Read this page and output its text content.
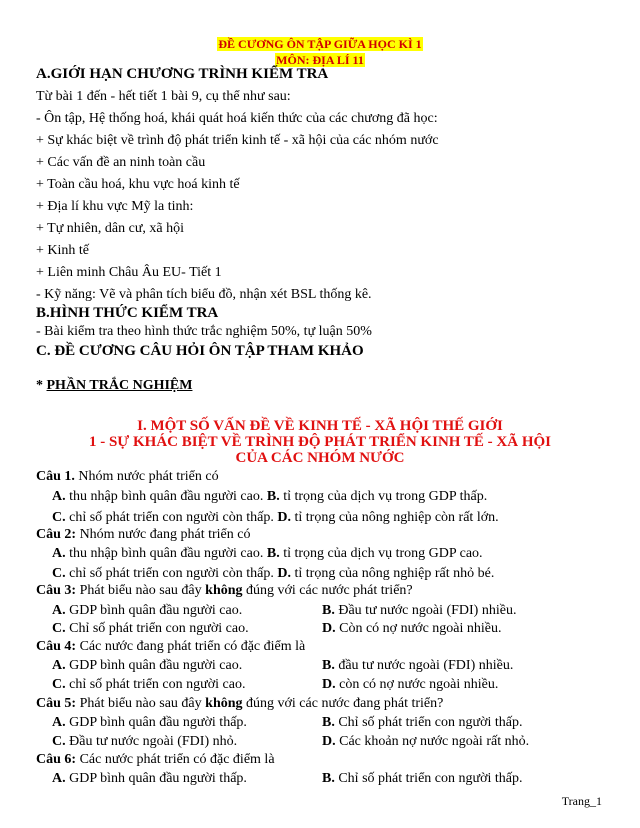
ĐỀ CƯƠNG ÔN TẬP GIỮA HỌC KÌ 1
MÔN: ĐỊA LÍ 11
A.GIỚI HẠN CHƯƠNG TRÌNH KIỂM TRA
Từ bài 1 đến - hết tiết 1 bài 9, cụ thể như sau:
- Ôn tập, Hệ thống hoá, khái quát hoá kiến thức của các chương đã học:
+ Sự khác biệt về trình độ phát triển kinh tế - xã hội của các nhóm nước
+ Các vấn đề an ninh toàn cầu
+ Toàn cầu hoá, khu vực hoá kinh tế
+ Địa lí khu vực Mỹ la tinh:
+ Tự nhiên, dân cư, xã hội
+ Kinh tế
+ Liên minh Châu Âu EU- Tiết 1
- Kỹ năng: Vẽ và phân tích biểu đồ, nhận xét BSL thống kê.
B.HÌNH THỨC KIỂM TRA
- Bài kiểm tra theo hình thức trắc nghiệm 50%, tự luận 50%
C. ĐỀ CƯƠNG CÂU HỎI ÔN TẬP THAM KHẢO
* PHẦN TRẮC NGHIỆM
I. MỘT SỐ VẤN ĐỀ VỀ KINH TẾ - XÃ HỘI THẾ GIỚI
1 - SỰ KHÁC BIỆT VỀ TRÌNH ĐỘ PHÁT TRIỂN KINH TẾ - XÃ HỘI
CỦA CÁC NHÓM NƯỚC
Câu 1. Nhóm nước phát triển có
A. thu nhập bình quân đầu người cao. B. tỉ trọng của dịch vụ trong GDP thấp.
C. chỉ số phát triển con người còn thấp. D. tỉ trọng của nông nghiệp còn rất lớn.
Câu 2: Nhóm nước đang phát triển có
A. thu nhập bình quân đầu người cao. B. tỉ trọng của dịch vụ trong GDP cao.
C. chỉ số phát triển con người còn thấp. D. tỉ trọng của nông nghiệp rất nhỏ bé.
Câu 3: Phát biểu nào sau đây không đúng với các nước phát triển?
A. GDP bình quân đầu người cao.	B. Đầu tư nước ngoài (FDI) nhiều.
C. Chỉ số phát triển con người cao.	D. Còn có nợ nước ngoài nhiều.
Câu 4: Các nước đang phát triển có đặc điểm là
A. GDP bình quân đầu người cao.	B. đầu tư nước ngoài (FDI) nhiều.
C. chỉ số phát triển con người cao.	D. còn có nợ nước ngoài nhiều.
Câu 5: Phát biểu nào sau đây không đúng với các nước đang phát triển?
A. GDP bình quân đầu người thấp.	B. Chỉ số phát triển con người thấp.
C. Đầu tư nước ngoài (FDI) nhỏ.	D. Các khoản nợ nước ngoài rất nhỏ.
Câu 6: Các nước phát triển có đặc điểm là
A. GDP bình quân đầu người thấp.	B. Chỉ số phát triển con người thấp.
Trang_1
